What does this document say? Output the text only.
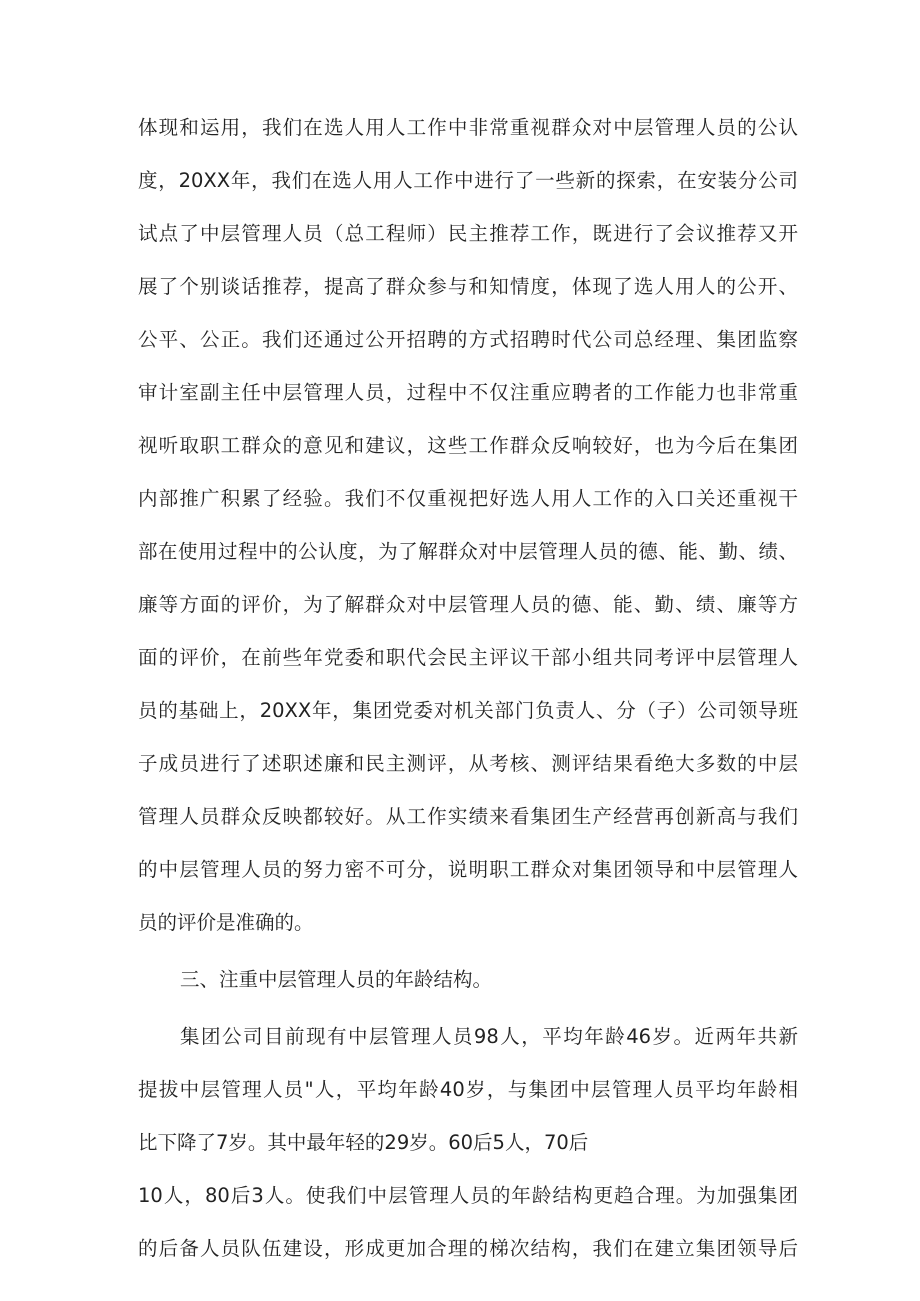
体现和运用，我们在选人用人工作中非常重视群众对中层管理人员的公认
度，20XX年，我们在选人用人工作中进行了一些新的探索，在安装分公司
试点了中层管理人员（总工程师）民主推荐工作，既进行了会议推荐又开
展了个别谈话推荐，提高了群众参与和知情度，体现了选人用人的公开、
公平、公正。我们还通过公开招聘的方式招聘时代公司总经理、集团监察
审计室副主任中层管理人员，过程中不仅注重应聘者的工作能力也非常重
视听取职工群众的意见和建议，这些工作群众反响较好，也为今后在集团
内部推广积累了经验。我们不仅重视把好选人用人工作的入口关还重视干
部在使用过程中的公认度，为了解群众对中层管理人员的德、能、勤、绩、
廉等方面的评价，为了解群众对中层管理人员的德、能、勤、绩、廉等方
面的评价，在前些年党委和职代会民主评议干部小组共同考评中层管理人
员的基础上，20XX年，集团党委对机关部门负责人、分（子）公司领导班
子成员进行了述职述廉和民主测评，从考核、测评结果看绝大多数的中层
管理人员群众反映都较好。从工作实绩来看集团生产经营再创新高与我们
的中层管理人员的努力密不可分，说明职工群众对集团领导和中层管理人
员的评价是准确的。
三、注重中层管理人员的年龄结构。
集团公司目前现有中层管理人员98人，平均年龄46岁。近两年共新
提拔中层管理人员"人，平均年龄40岁，与集团中层管理人员平均年龄相
比下降了7岁。其中最年轻的29岁。60后5人，70后
10人，80后3人。使我们中层管理人员的年龄结构更趋合理。为加强集团
的后备人员队伍建设，形成更加合理的梯次结构，我们在建立集团领导后
